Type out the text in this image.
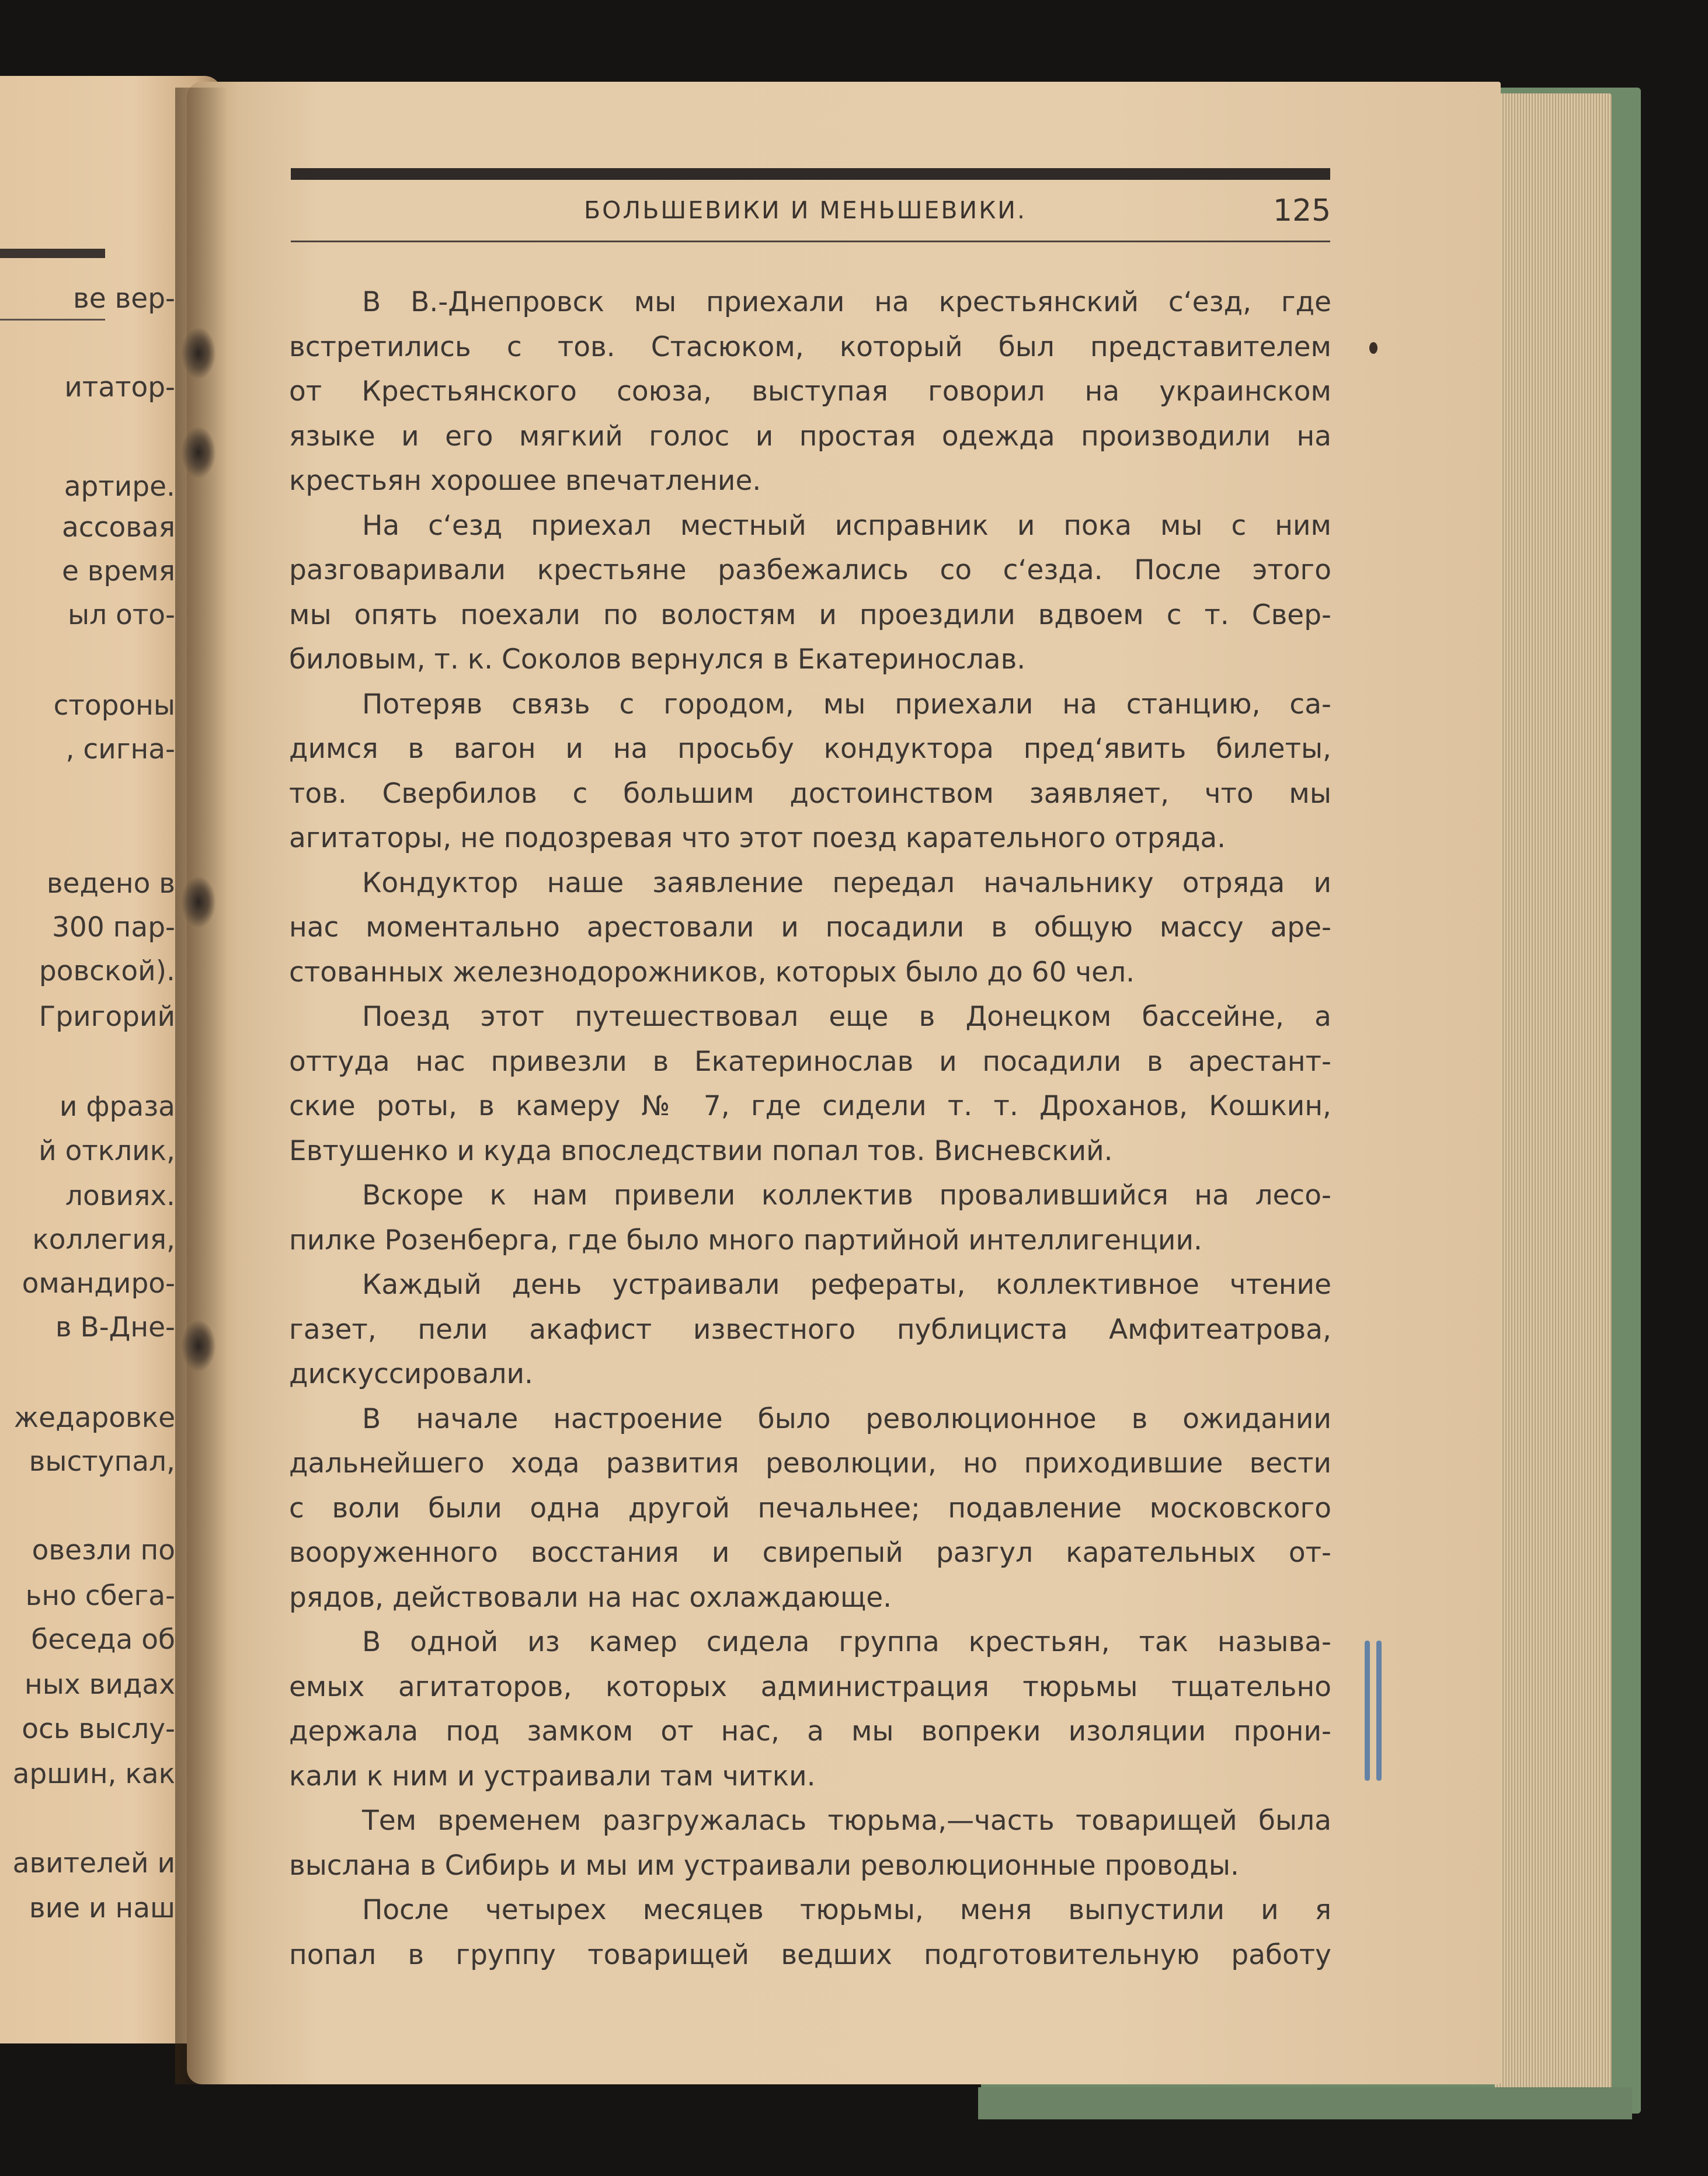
ве вер-
итатор-
артире.
ассовая
е время
ыл ото-
стороны
, сигна-
ведено в
300 пар-
ровской).
Григорий
и фраза
й отклик,
ловиях.
коллегия,
омандиро-
в В-Дне-
жедаровке
выступал,
овезли по
ьно сбега-
беседа об
ных видах
ось выслу-
аршин, как
авителей и
вие и наш
БОЛЬШЕВИКИ И МЕНЬШЕВИКИ.	125
В В.-Днепровск мы приехали на крестьянский с‘езд, где
встретились с тов. Стасюком, который был представителем
от Крестьянского союза, выступая говорил на украинском
языке и его мягкий голос и простая одежда производили на
крестьян хорошее впечатление.
На с‘езд приехал местный исправник и пока мы с ним
разговаривали крестьяне разбежались со с‘езда. После этого
мы опять поехали по волостям и проездили вдвоем с т. Свер-
биловым, т. к. Соколов вернулся в Екатеринослав.
Потеряв связь с городом, мы приехали на станцию, са-
димся в вагон и на просьбу кондуктора пред‘явить билеты,
тов. Свербилов с большим достоинством заявляет, что мы
агитаторы, не подозревая что этот поезд карательного отряда.
Кондуктор наше заявление передал начальнику отряда и
нас моментально арестовали и посадили в общую массу аре-
стованных железнодорожников, которых было до 60 чел.
Поезд этот путешествовал еще в Донецком бассейне, а
оттуда нас привезли в Екатеринослав и посадили в арестант-
ские роты, в камеру № 7, где сидели т. т. Дроханов, Кошкин,
Евтушенко и куда впоследствии попал тов. Висневский.
Вскоре к нам привели коллектив провалившийся на лесо-
пилке Розенберга, где было много партийной интеллигенции.
Каждый день устраивали рефераты, коллективное чтение
газет, пели акафист известного публициста Амфитеатрова,
дискуссировали.
В начале настроение было революционное в ожидании
дальнейшего хода развития революции, но приходившие вести
с воли были одна другой печальнее; подавление московского
вооруженного восстания и свирепый разгул карательных от-
рядов, действовали на нас охлаждающе.
В одной из камер сидела группа крестьян, так называ-
емых агитаторов, которых администрация тюрьмы тщательно
держала под замком от нас, а мы вопреки изоляции прони-
кали к ним и устраивали там читки.
Тем временем разгружалась тюрьма,—часть товарищей была
выслана в Сибирь и мы им устраивали революционные проводы.
После четырех месяцев тюрьмы, меня выпустили и я
попал в группу товарищей ведших подготовительную работу
